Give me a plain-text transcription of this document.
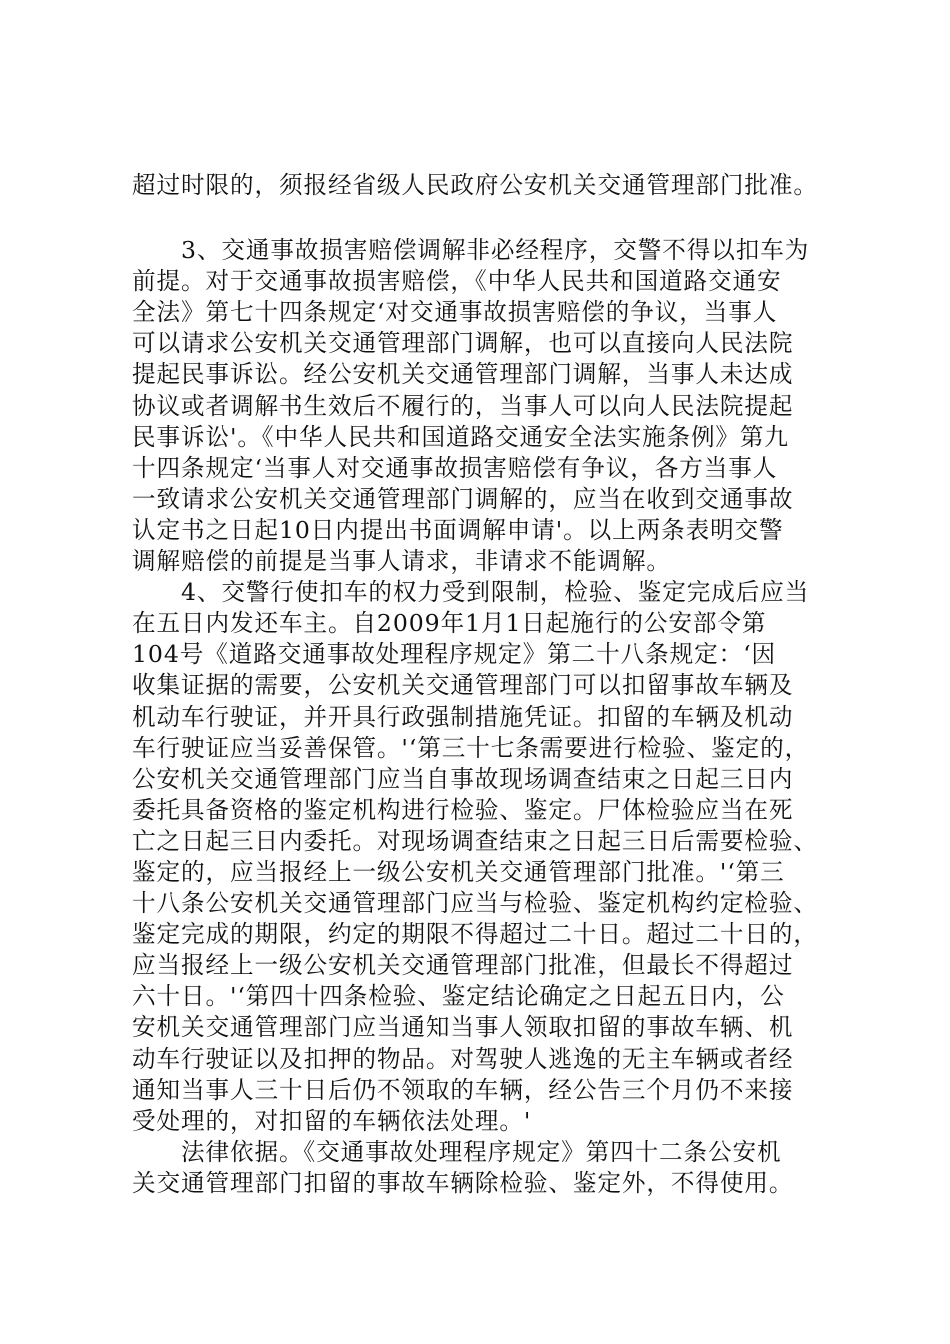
超过时限的，须报经省级人民政府公安机关交通管理部门批准。
　　3、交通事故损害赔偿调解非必经程序，交警不得以扣车为
前提。对于交通事故损害赔偿，《中华人民共和国道路交通安
全法》第七十四条规定‘对交通事故损害赔偿的争议，当事人
可以请求公安机关交通管理部门调解，也可以直接向人民法院
提起民事诉讼。经公安机关交通管理部门调解，当事人未达成
协议或者调解书生效后不履行的，当事人可以向人民法院提起
民事诉讼'。《中华人民共和国道路交通安全法实施条例》第九
十四条规定‘当事人对交通事故损害赔偿有争议，各方当事人
一致请求公安机关交通管理部门调解的，应当在收到交通事故
认定书之日起10日内提出书面调解申请'。以上两条表明交警
调解赔偿的前提是当事人请求，非请求不能调解。
　　4、交警行使扣车的权力受到限制，检验、鉴定完成后应当
在五日内发还车主。自2009年1月1日起施行的公安部令第
104号《道路交通事故处理程序规定》第二十八条规定：‘因
收集证据的需要，公安机关交通管理部门可以扣留事故车辆及
机动车行驶证，并开具行政强制措施凭证。扣留的车辆及机动
车行驶证应当妥善保管。'‘第三十七条需要进行检验、鉴定的，
公安机关交通管理部门应当自事故现场调查结束之日起三日内
委托具备资格的鉴定机构进行检验、鉴定。尸体检验应当在死
亡之日起三日内委托。对现场调查结束之日起三日后需要检验、
鉴定的，应当报经上一级公安机关交通管理部门批准。'‘第三
十八条公安机关交通管理部门应当与检验、鉴定机构约定检验、
鉴定完成的期限，约定的期限不得超过二十日。超过二十日的，
应当报经上一级公安机关交通管理部门批准，但最长不得超过
六十日。'‘第四十四条检验、鉴定结论确定之日起五日内，公
安机关交通管理部门应当通知当事人领取扣留的事故车辆、机
动车行驶证以及扣押的物品。对驾驶人逃逸的无主车辆或者经
通知当事人三十日后仍不领取的车辆，经公告三个月仍不来接
受处理的，对扣留的车辆依法处理。'
　　法律依据。《交通事故处理程序规定》第四十二条公安机
关交通管理部门扣留的事故车辆除检验、鉴定外，不得使用。
